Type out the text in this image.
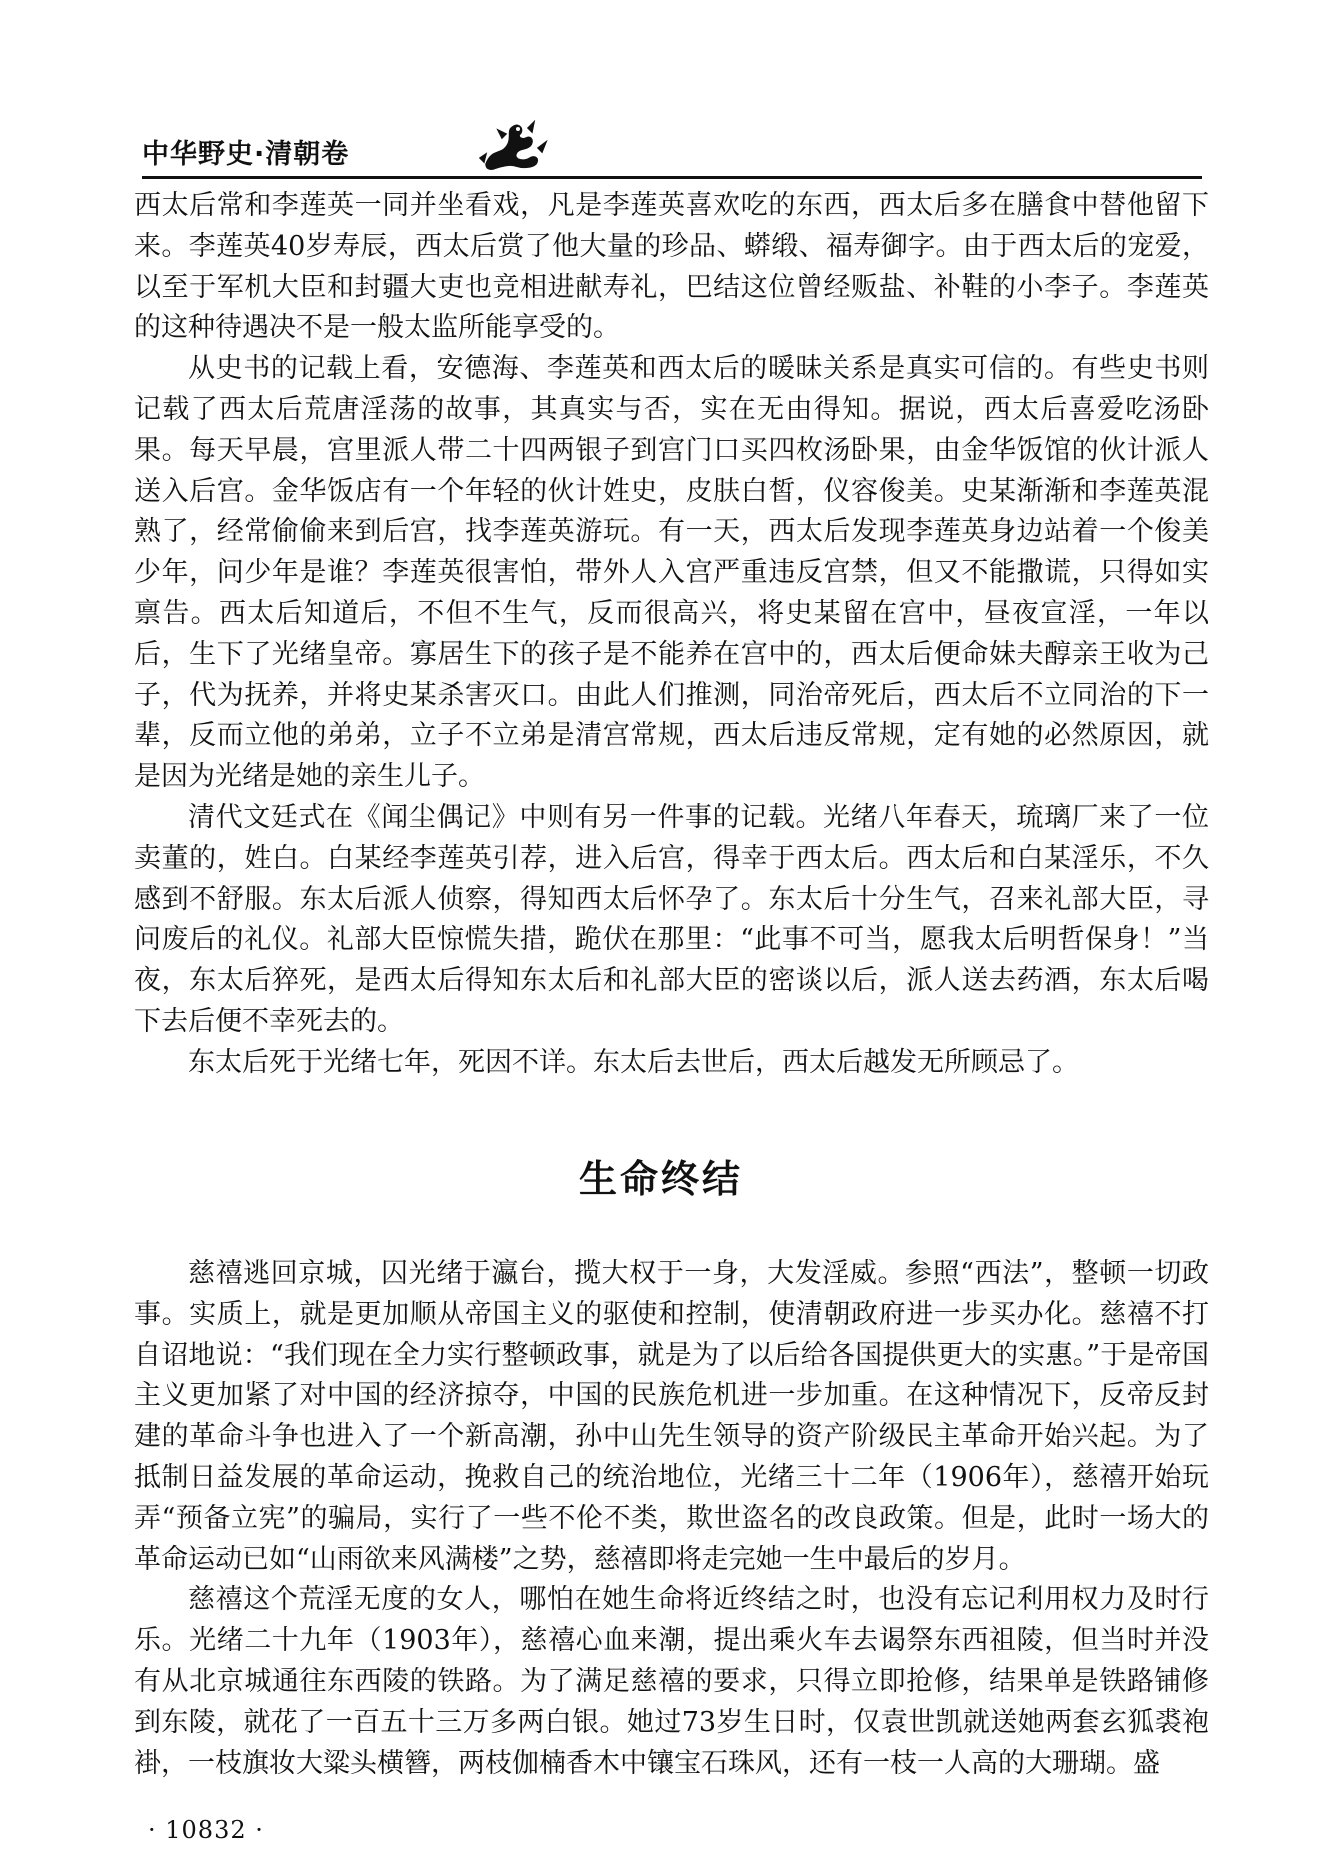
中华野史·清朝卷

西太后常和李莲英一同并坐看戏，凡是李莲英喜欢吃的东西，西太后多在膳食中替他留下来。李莲英40岁寿辰，西太后赏了他大量的珍品、蟒缎、福寿御字。由于西太后的宠爱，以至于军机大臣和封疆大吏也竞相进献寿礼，巴结这位曾经贩盐、补鞋的小李子。李莲英的这种待遇决不是一般太监所能享受的。

从史书的记载上看，安德海、李莲英和西太后的暖昧关系是真实可信的。有些史书则记载了西太后荒唐淫荡的故事，其真实与否，实在无由得知。据说，西太后喜爱吃汤卧果。每天早晨，宫里派人带二十四两银子到宫门口买四枚汤卧果，由金华饭馆的伙计派人送入后宫。金华饭店有一个年轻的伙计姓史，皮肤白皙，仪容俊美。史某渐渐和李莲英混熟了，经常偷偷来到后宫，找李莲英游玩。有一天，西太后发现李莲英身边站着一个俊美少年，问少年是谁？李莲英很害怕，带外人入宫严重违反宫禁，但又不能撒谎，只得如实禀告。西太后知道后，不但不生气，反而很高兴，将史某留在宫中，昼夜宣淫，一年以后，生下了光绪皇帝。寡居生下的孩子是不能养在宫中的，西太后便命妹夫醇亲王收为己子，代为抚养，并将史某杀害灭口。由此人们推测，同治帝死后，西太后不立同治的下一辈，反而立他的弟弟，立子不立弟是清宫常规，西太后违反常规，定有她的必然原因，就是因为光绪是她的亲生儿子。

清代文廷式在《闻尘偶记》中则有另一件事的记载。光绪八年春天，琉璃厂来了一位卖董的，姓白。白某经李莲英引荐，进入后宫，得幸于西太后。西太后和白某淫乐，不久感到不舒服。东太后派人侦察，得知西太后怀孕了。东太后十分生气，召来礼部大臣，寻问废后的礼仪。礼部大臣惊慌失措，跪伏在那里：“此事不可当，愿我太后明哲保身！”当夜，东太后猝死，是西太后得知东太后和礼部大臣的密谈以后，派人送去药酒，东太后喝下去后便不幸死去的。

东太后死于光绪七年，死因不详。东太后去世后，西太后越发无所顾忌了。

生命终结

慈禧逃回京城，囚光绪于瀛台，揽大权于一身，大发淫威。参照“西法”，整顿一切政事。实质上，就是更加顺从帝国主义的驱使和控制，使清朝政府进一步买办化。慈禧不打自诏地说：“我们现在全力实行整顿政事，就是为了以后给各国提供更大的实惠。”于是帝国主义更加紧了对中国的经济掠夺，中国的民族危机进一步加重。在这种情况下，反帝反封建的革命斗争也进入了一个新高潮，孙中山先生领导的资产阶级民主革命开始兴起。为了抵制日益发展的革命运动，挽救自己的统治地位，光绪三十二年（1906年），慈禧开始玩弄“预备立宪”的骗局，实行了一些不伦不类，欺世盗名的改良政策。但是，此时一场大的革命运动已如“山雨欲来风满楼”之势，慈禧即将走完她一生中最后的岁月。

慈禧这个荒淫无度的女人，哪怕在她生命将近终结之时，也没有忘记利用权力及时行乐。光绪二十九年（1903年），慈禧心血来潮，提出乘火车去谒祭东西祖陵，但当时并没有从北京城通往东西陵的铁路。为了满足慈禧的要求，只得立即抢修，结果单是铁路铺修到东陵，就花了一百五十三万多两白银。她过73岁生日时，仅袁世凯就送她两套玄狐裘袍褂，一枝旗妆大粱头横簪，两枝伽楠香木中镶宝石珠风，还有一枝一人高的大珊瑚。盛

· 10832 ·
